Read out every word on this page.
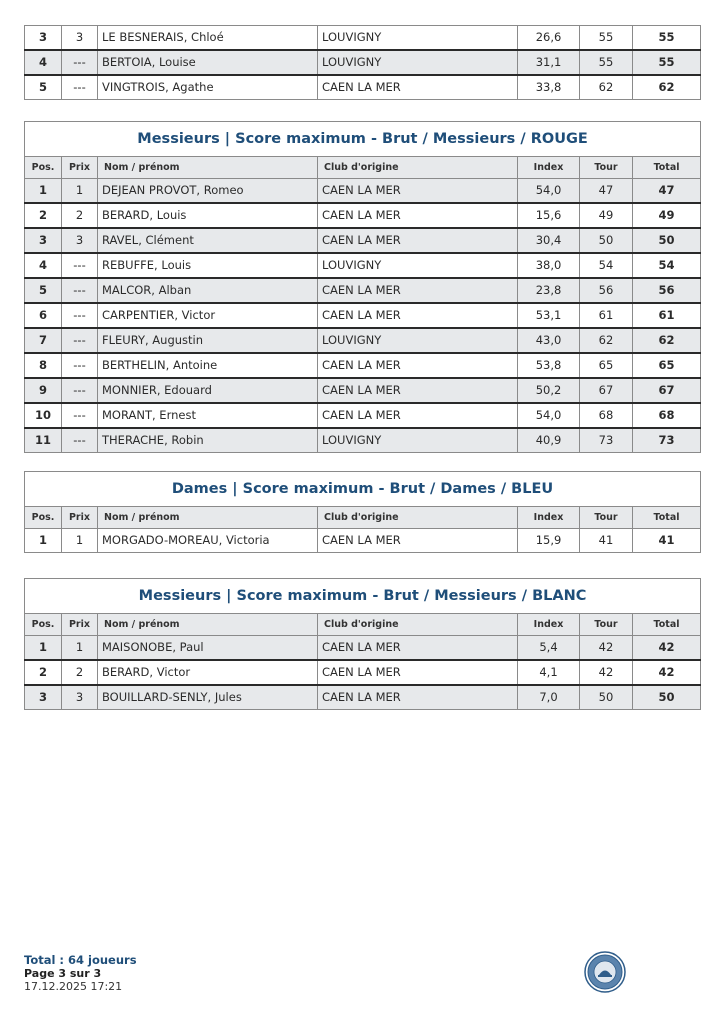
3	3	LE BESNERAIS, Chloé	LOUVIGNY	26,6	55	55
4	---	BERTOIA, Louise	LOUVIGNY	31,1	55	55
5	---	VINGTROIS, Agathe	CAEN LA MER	33,8	62	62
Messieurs | Score maximum - Brut / Messieurs / ROUGE						
Pos.	Prix	Nom / prénom	Club d'origine	Index	Tour	Total
1	1	DEJEAN PROVOT, Romeo	CAEN LA MER	54,0	47	47
2	2	BERARD, Louis	CAEN LA MER	15,6	49	49
3	3	RAVEL, Clément	CAEN LA MER	30,4	50	50
4	---	REBUFFE, Louis	LOUVIGNY	38,0	54	54
5	---	MALCOR, Alban	CAEN LA MER	23,8	56	56
6	---	CARPENTIER, Victor	CAEN LA MER	53,1	61	61
7	---	FLEURY, Augustin	LOUVIGNY	43,0	62	62
8	---	BERTHELIN, Antoine	CAEN LA MER	53,8	65	65
9	---	MONNIER, Edouard	CAEN LA MER	50,2	67	67
10	---	MORANT, Ernest	CAEN LA MER	54,0	68	68
11	---	THERACHE, Robin	LOUVIGNY	40,9	73	73
Dames | Score maximum - Brut / Dames / BLEU						
Pos.	Prix	Nom / prénom	Club d'origine	Index	Tour	Total
1	1	MORGADO-MOREAU, Victoria	CAEN LA MER	15,9	41	41
Messieurs | Score maximum - Brut / Messieurs / BLANC						
Pos.	Prix	Nom / prénom	Club d'origine	Index	Tour	Total
1	1	MAISONOBE, Paul	CAEN LA MER	5,4	42	42
2	2	BERARD, Victor	CAEN LA MER	4,1	42	42
3	3	BOUILLARD-SENLY, Jules	CAEN LA MER	7,0	50	50
Total : 64 joueurs
Page 3 sur 3
17.12.2025 17:21
